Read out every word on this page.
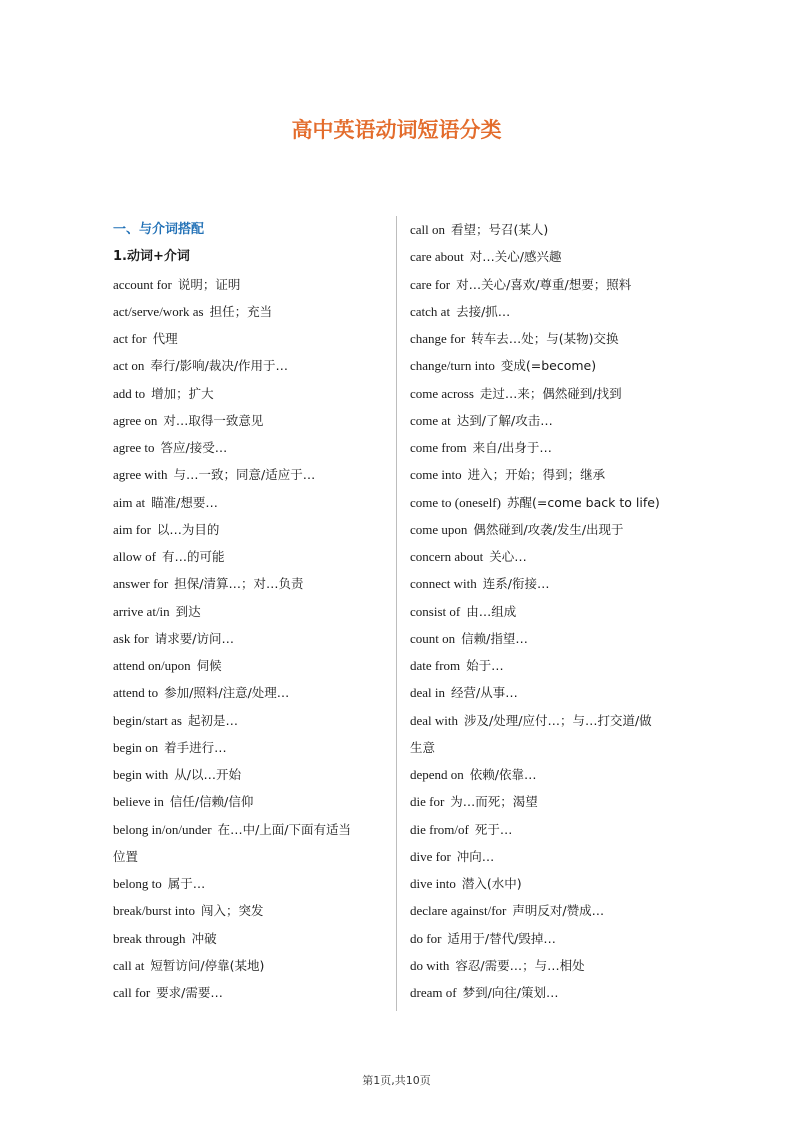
高中英语动词短语分类
一、与介词搭配
1.动词+介词
account for 说明；证明
act/serve/work as 担任；充当
act for 代理
act on 奉行/影响/裁决/作用于…
add to 增加；扩大
agree on 对…取得一致意见
agree to 答应/接受…
agree with 与…一致；同意/适应于…
aim at 瞄准/想要…
aim for 以…为目的
allow of 有…的可能
answer for 担保/清算…；对…负责
arrive at/in 到达
ask for 请求要/访问…
attend on/upon 伺候
attend to 参加/照料/注意/处理…
begin/start as 起初是…
begin on 着手进行…
begin with 从/以…开始
believe in 信任/信赖/信仰
belong in/on/under 在…中/上面/下面有适当
位置
belong to 属于…
break/burst into 闯入；突发
break through 冲破
call at 短暂访问/停靠(某地)
call for 要求/需要…
call on 看望；号召(某人)
care about 对…关心/感兴趣
care for 对…关心/喜欢/尊重/想要；照料
catch at 去接/抓…
change for 转车去…处；与(某物)交换
change/turn into 变成(=become)
come across 走过…来；偶然碰到/找到
come at 达到/了解/攻击…
come from 来自/出身于…
come into 进入；开始；得到；继承
come to (oneself) 苏醒(=come back to life)
come upon 偶然碰到/攻袭/发生/出现于
concern about 关心…
connect with 连系/衔接…
consist of 由…组成
count on 信赖/指望…
date from 始于…
deal in 经营/从事…
deal with 涉及/处理/应付…；与…打交道/做
生意
depend on 依赖/依靠…
die for 为…而死；渴望
die from/of 死于…
dive for 冲向…
dive into 潜入(水中)
declare against/for 声明反对/赞成…
do for 适用于/替代/毁掉…
do with 容忍/需要…；与…相处
dream of 梦到/向往/策划…
第1页,共10页
